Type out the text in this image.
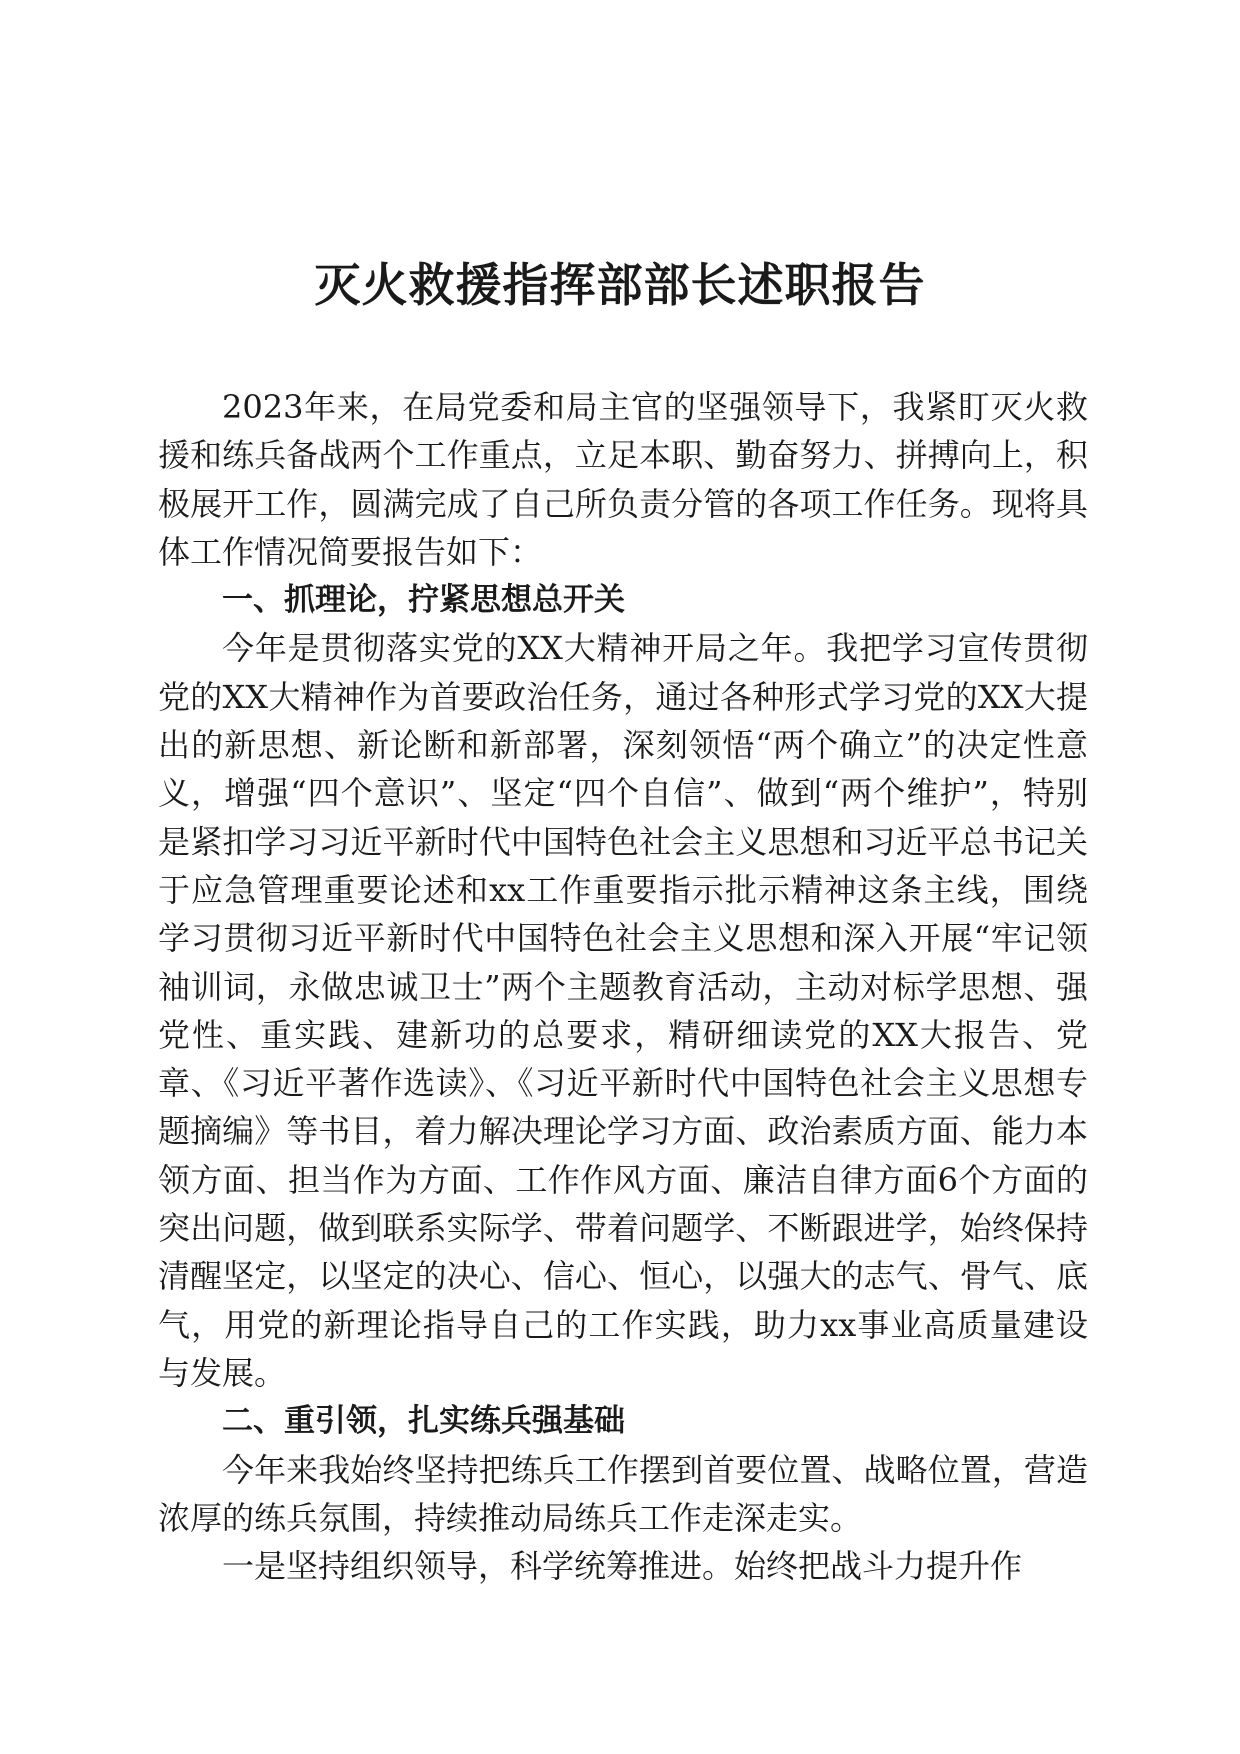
灭火救援指挥部部长述职报告

2023年来，在局党委和局主官的坚强领导下，我紧盯灭火救援和练兵备战两个工作重点，立足本职、勤奋努力、拼搏向上，积极展开工作，圆满完成了自己所负责分管的各项工作任务。现将具体工作情况简要报告如下：

一、抓理论，拧紧思想总开关

今年是贯彻落实党的XX大精神开局之年。我把学习宣传贯彻党的XX大精神作为首要政治任务，通过各种形式学习党的XX大提出的新思想、新论断和新部署，深刻领悟“两个确立”的决定性意义，增强“四个意识”、坚定“四个自信”、做到“两个维护”，特别是紧扣学习习近平新时代中国特色社会主义思想和习近平总书记关于应急管理重要论述和xx工作重要指示批示精神这条主线，围绕学习贯彻习近平新时代中国特色社会主义思想和深入开展“牢记领袖训词，永做忠诚卫士”两个主题教育活动，主动对标学思想、强党性、重实践、建新功的总要求，精研细读党的XX大报告、党章、《习近平著作选读》、《习近平新时代中国特色社会主义思想专题摘编》等书目，着力解决理论学习方面、政治素质方面、能力本领方面、担当作为方面、工作作风方面、廉洁自律方面6个方面的突出问题，做到联系实际学、带着问题学、不断跟进学，始终保持清醒坚定，以坚定的决心、信心、恒心，以强大的志气、骨气、底气，用党的新理论指导自己的工作实践，助力xx事业高质量建设与发展。

二、重引领，扎实练兵强基础

今年来我始终坚持把练兵工作摆到首要位置、战略位置，营造浓厚的练兵氛围，持续推动局练兵工作走深走实。

一是坚持组织领导，科学统筹推进。始终把战斗力提升作
